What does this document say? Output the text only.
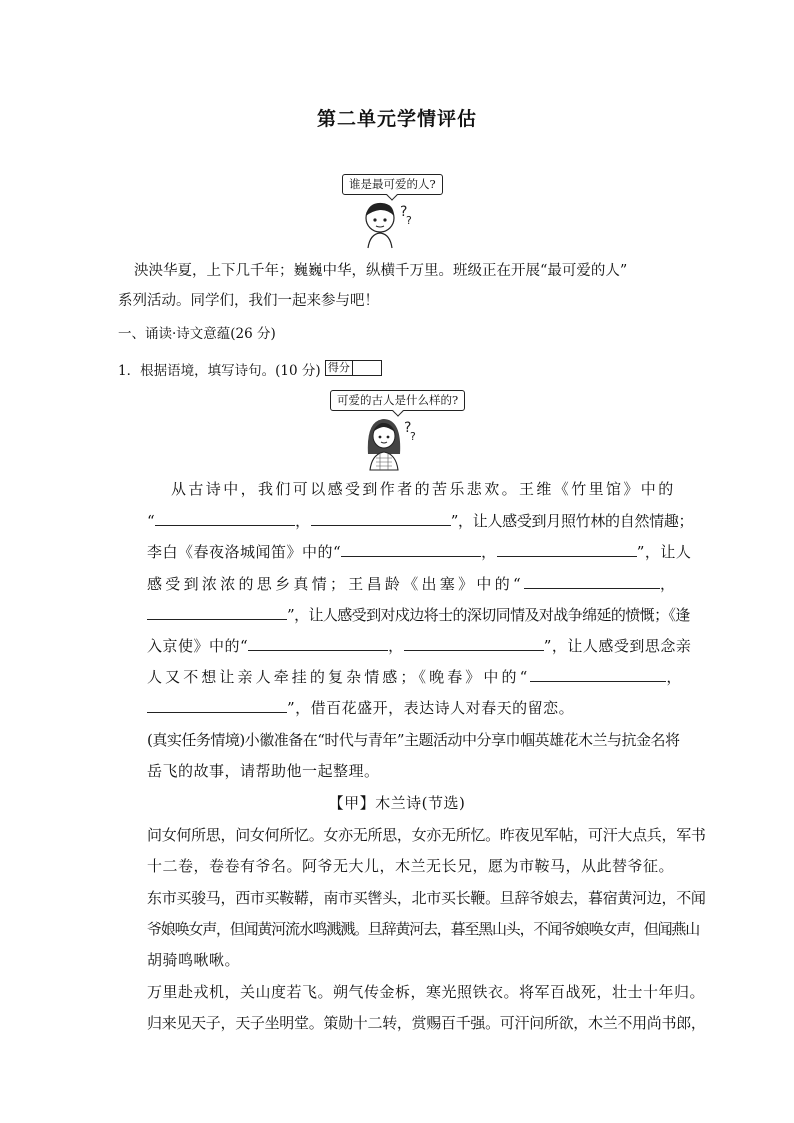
第二单元学情评估
谁是最可爱的人?
?
?
泱泱华夏，上下几千年；巍巍中华，纵横千万里。班级正在开展“最可爱的人”
系列活动。同学们，我们一起来参与吧！
一、诵读·诗文意蕴(26 分)
1．根据语境，填写诗句。(10 分) 得分
可爱的古人是什么样的?
?
?
从古诗中，我们可以感受到作者的苦乐悲欢。王维《竹里馆》中的
“	，	”，让人感受到月照竹林的自然情趣；
李白《春夜洛城闻笛》中的“	，	”，让人
感受到浓浓的思乡真情；王昌龄《出塞》中的“	，
”，让人感受到对戍边将士的深切同情及对战争绵延的愤慨；《逢
入京使》中的“	，	”，让人感受到思念亲
人又不想让亲人牵挂的复杂情感；《晚春》中的“	，
”，借百花盛开，表达诗人对春天的留恋。
(真实任务情境)小徽准备在“时代与青年”主题活动中分享巾帼英雄花木兰与抗金名将
岳飞的故事，请帮助他一起整理。
【甲】木兰诗(节选)
问女何所思，问女何所忆。女亦无所思，女亦无所忆。昨夜见军帖，可汗大点兵，军书
十二卷，卷卷有爷名。阿爷无大儿，木兰无长兄，愿为市鞍马，从此替爷征。
东市买骏马，西市买鞍鞯，南市买辔头，北市买长鞭。旦辞爷娘去，暮宿黄河边，不闻
爷娘唤女声，但闻黄河流水鸣溅溅。旦辞黄河去，暮至黑山头，不闻爷娘唤女声，但闻燕山
胡骑鸣啾啾。
万里赴戎机，关山度若飞。朔气传金柝，寒光照铁衣。将军百战死，壮士十年归。
归来见天子，天子坐明堂。策勋十二转，赏赐百千强。可汗问所欲，木兰不用尚书郎，
